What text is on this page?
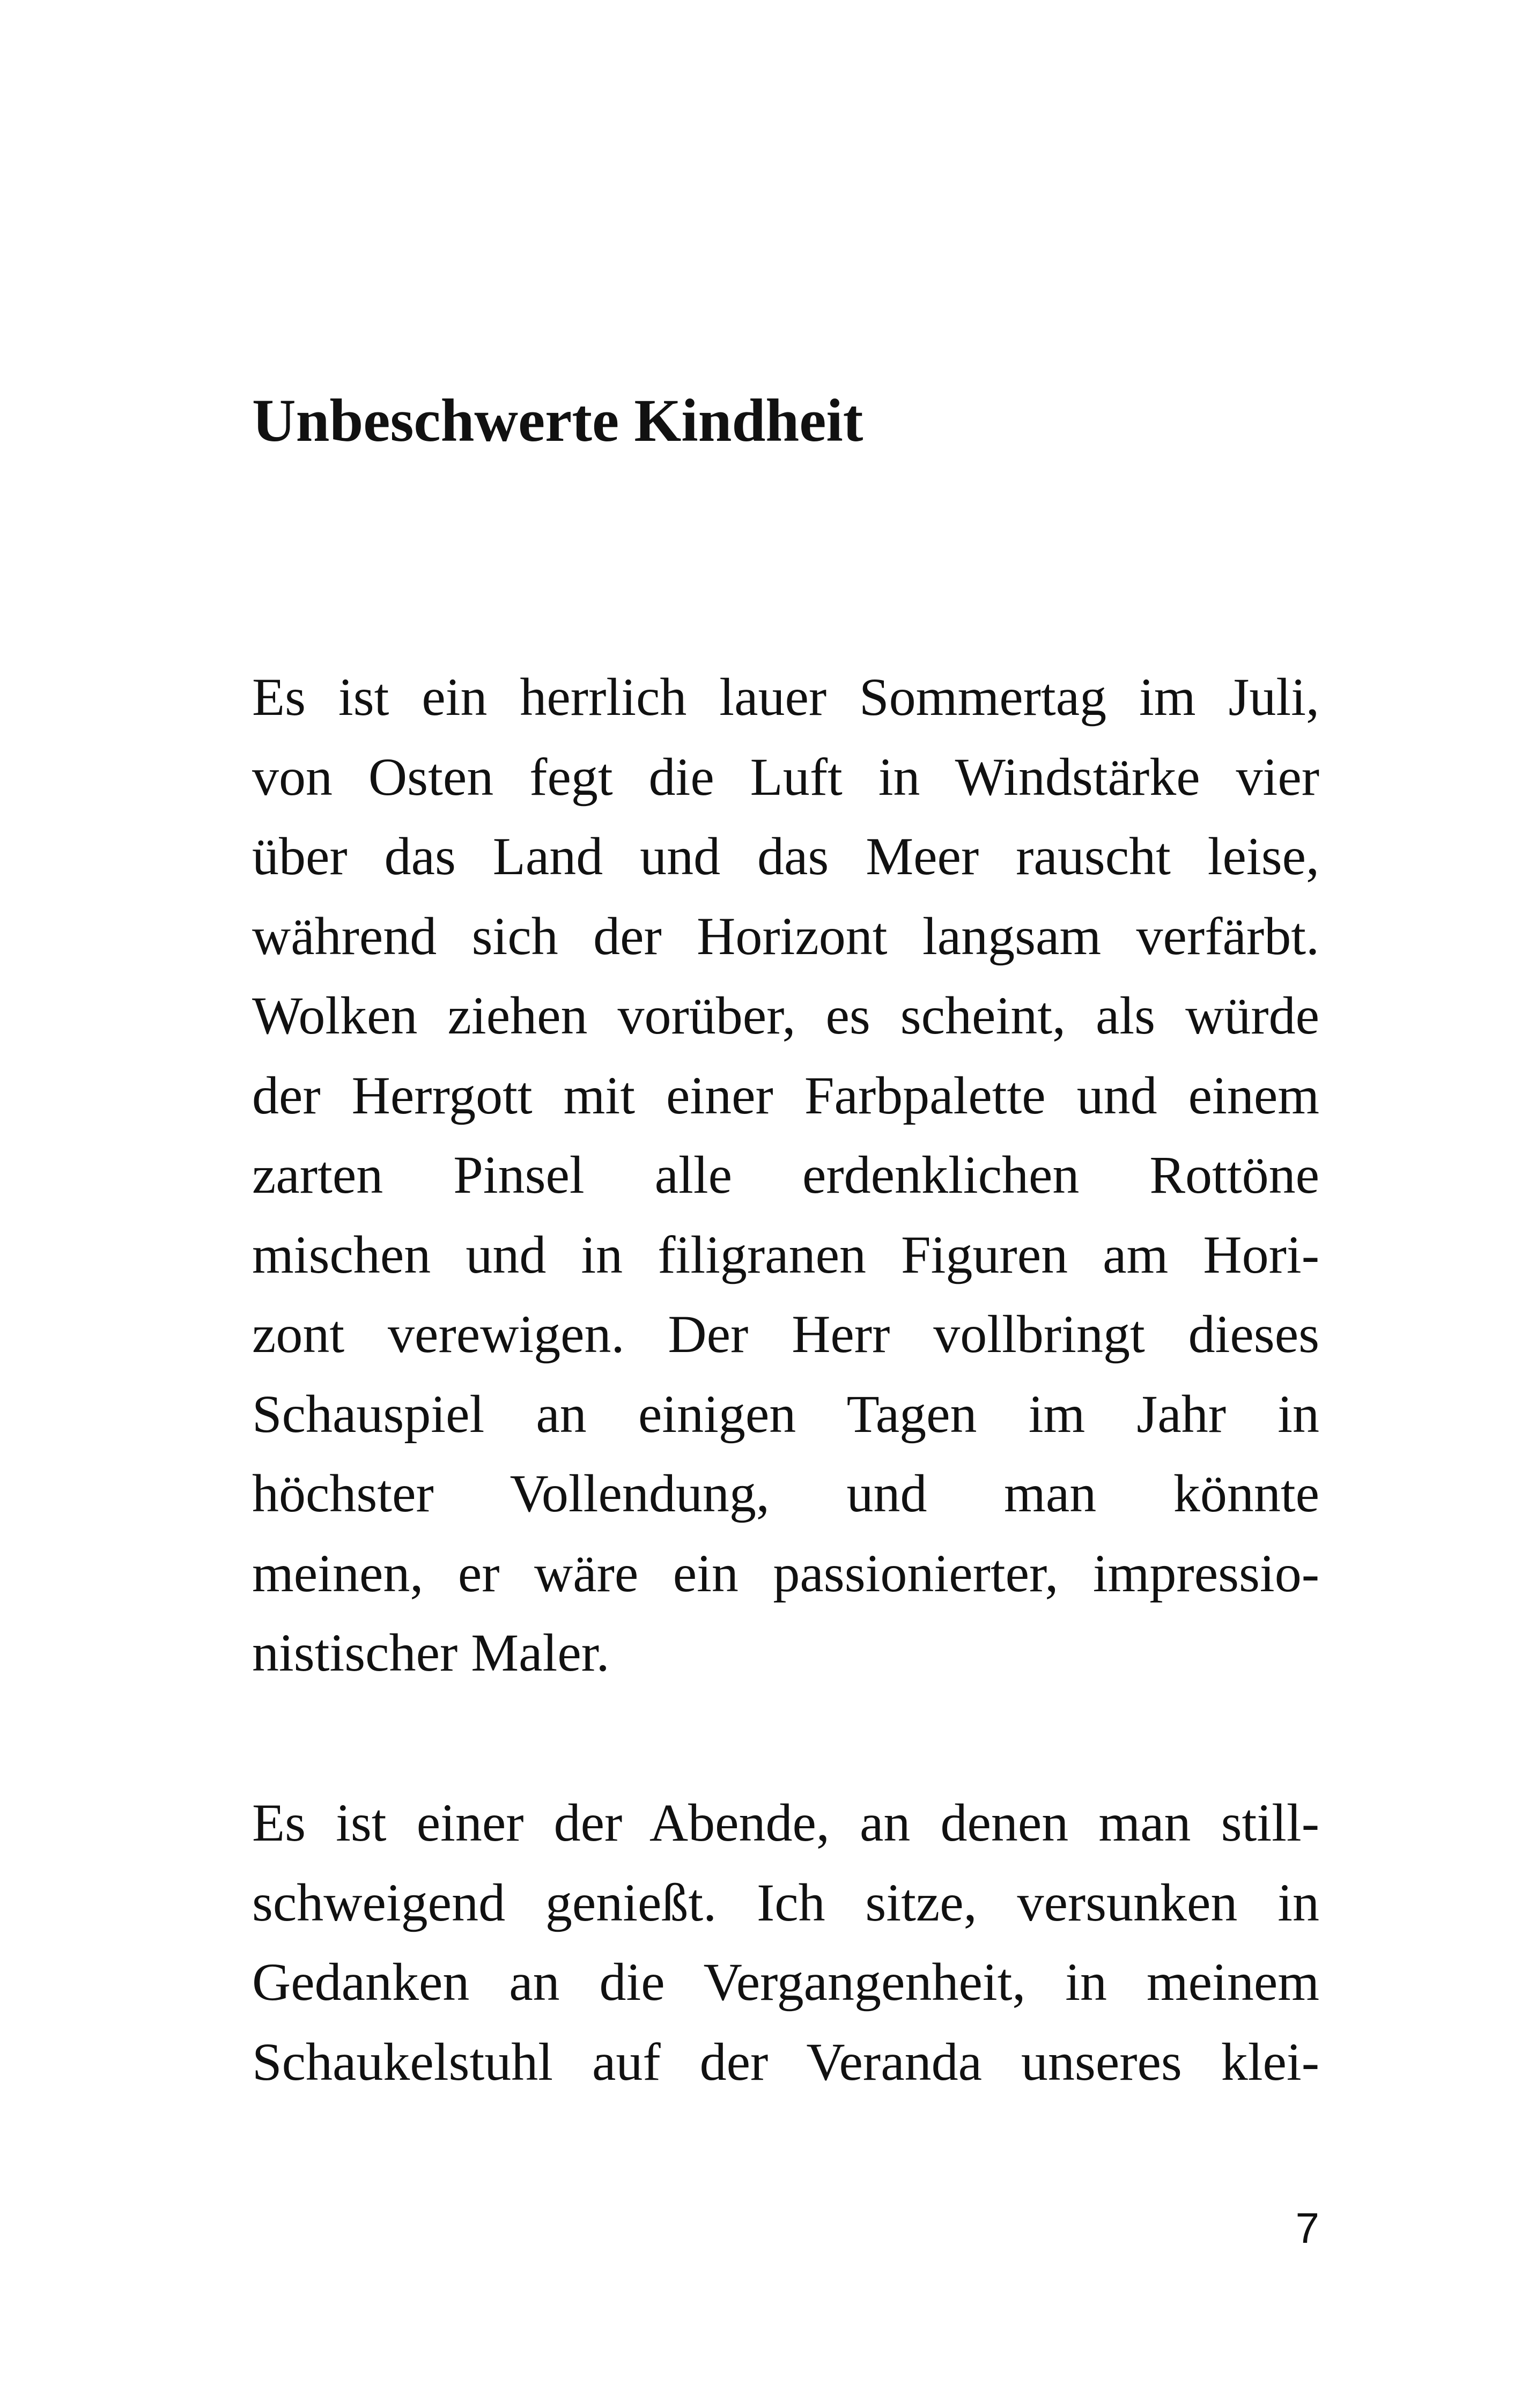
Unbeschwerte Kindheit
Es ist ein herrlich lauer Sommertag im Juli,
von Osten fegt die Luft in Windstärke vier
über das Land und das Meer rauscht leise,
während sich der Horizont langsam verfärbt.
Wolken ziehen vorüber, es scheint, als würde
der Herrgott mit einer Farbpalette und einem
zarten Pinsel alle erdenklichen Rottöne
mischen und in filigranen Figuren am Hori-
zont verewigen. Der Herr vollbringt dieses
Schauspiel an einigen Tagen im Jahr in
höchster Vollendung, und man könnte
meinen, er wäre ein passionierter, impressio-
nistischer Maler.
Es ist einer der Abende, an denen man still-
schweigend genießt. Ich sitze, versunken in
Gedanken an die Vergangenheit, in meinem
Schaukelstuhl auf der Veranda unseres klei-
7
